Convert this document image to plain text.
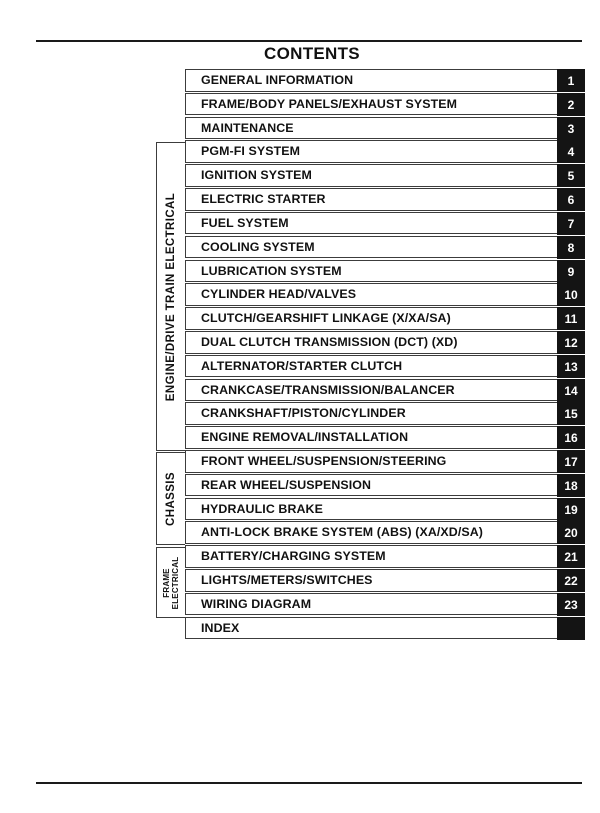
CONTENTS
ENGINE/DRIVE TRAIN ELECTRICAL
CHASSIS
FRAME
ELECTRICAL
GENERAL INFORMATION	1
FRAME/BODY PANELS/EXHAUST SYSTEM	2
MAINTENANCE	3
PGM-FI SYSTEM	4
IGNITION SYSTEM	5
ELECTRIC STARTER	6
FUEL SYSTEM	7
COOLING SYSTEM	8
LUBRICATION SYSTEM	9
CYLINDER HEAD/VALVES	10
CLUTCH/GEARSHIFT LINKAGE (X/XA/SA)	11
DUAL CLUTCH TRANSMISSION (DCT) (XD)	12
ALTERNATOR/STARTER CLUTCH	13
CRANKCASE/TRANSMISSION/BALANCER	14
CRANKSHAFT/PISTON/CYLINDER	15
ENGINE REMOVAL/INSTALLATION	16
FRONT WHEEL/SUSPENSION/STEERING	17
REAR WHEEL/SUSPENSION	18
HYDRAULIC BRAKE	19
ANTI-LOCK BRAKE SYSTEM (ABS) (XA/XD/SA)	20
BATTERY/CHARGING SYSTEM	21
LIGHTS/METERS/SWITCHES	22
WIRING DIAGRAM	23
INDEX
